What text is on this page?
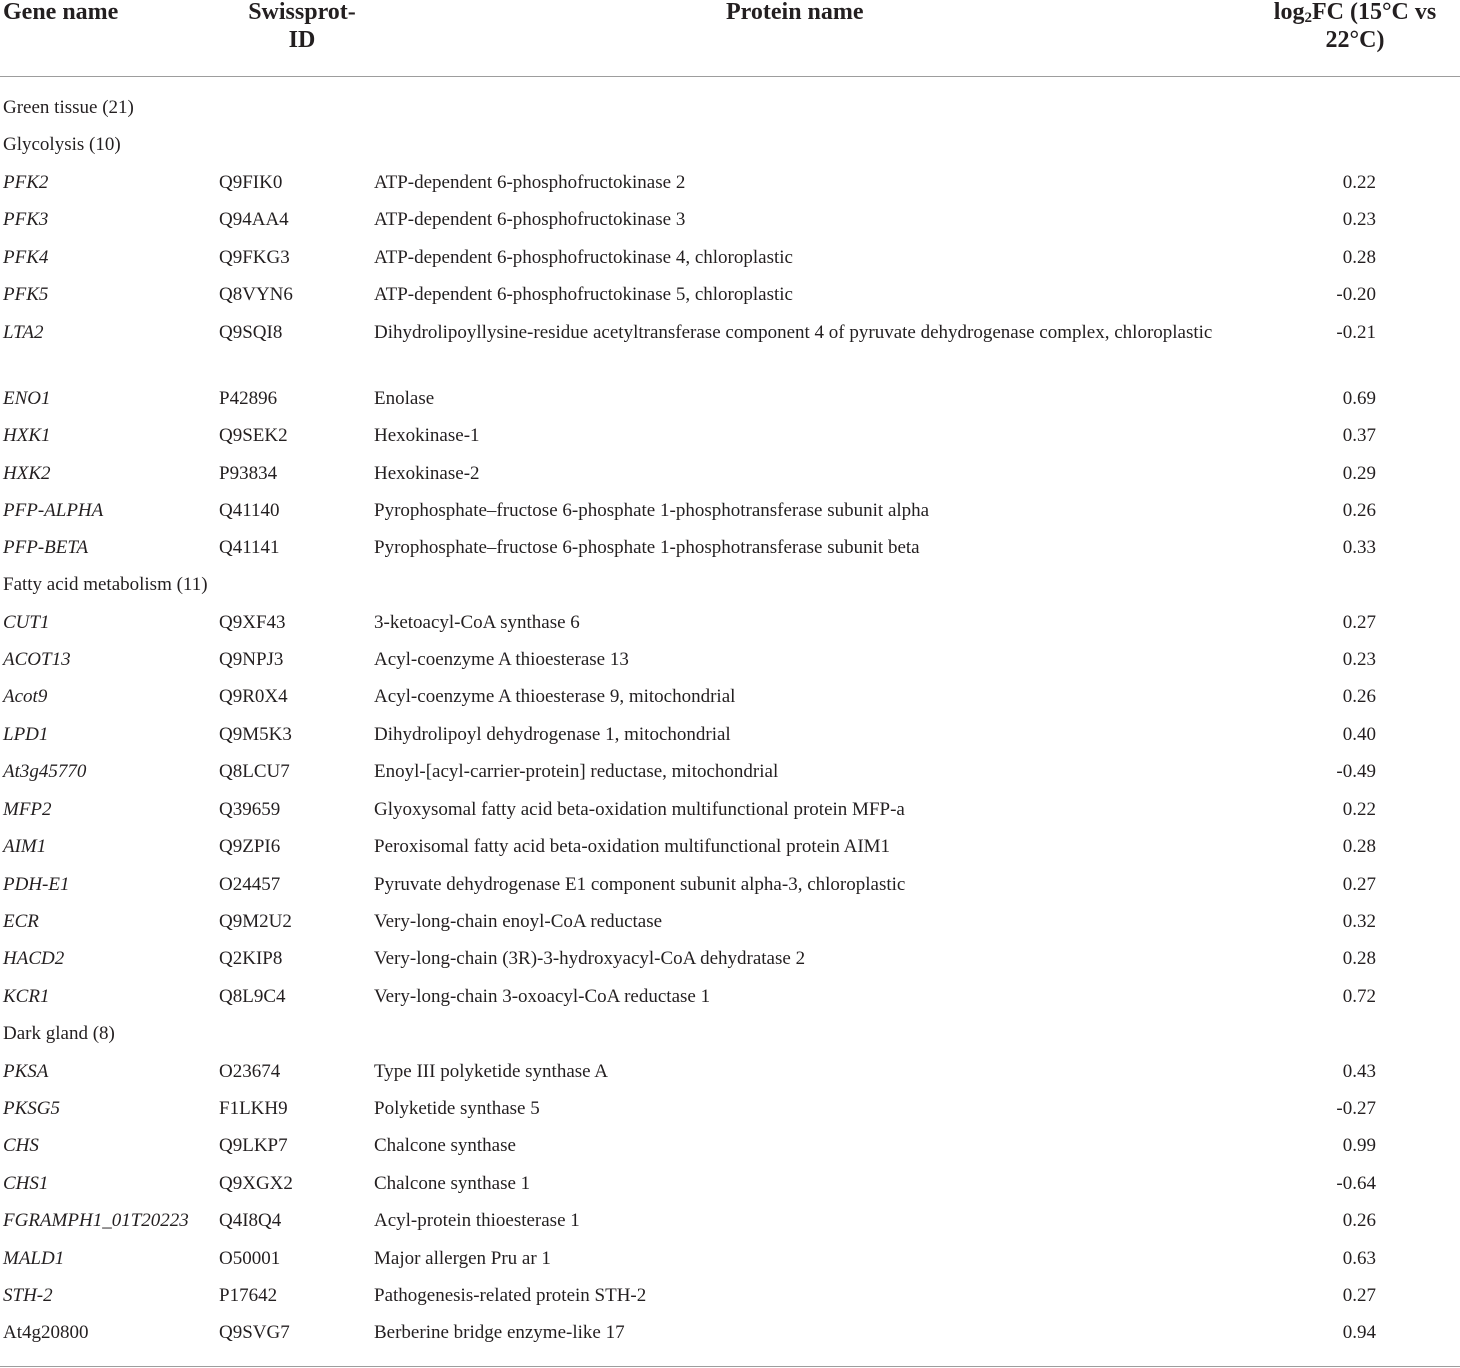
Gene name	Swissprot-
ID
Protein name	$\log_2FC$ (15°C vs
22°C)
Green tissue (21)
Glycolysis (10)
PFK2	Q9FIK0	ATP-dependent 6-phosphofructokinase 2	0.22
PFK3	Q94AA4	ATP-dependent 6-phosphofructokinase 3	0.23
PFK4	Q9FKG3	ATP-dependent 6-phosphofructokinase 4, chloroplastic	0.28
PFK5	Q8VYN6	ATP-dependent 6-phosphofructokinase 5, chloroplastic	-0.20
LTA2	Q9SQI8	Dihydrolipoyllysine-residue acetyltransferase component 4 of pyruvate dehydrogenase complex, chloroplastic	-0.21
ENO1	P42896	Enolase	0.69
HXK1	Q9SEK2	Hexokinase-1	0.37
HXK2	P93834	Hexokinase-2	0.29
PFP-ALPHA	Q41140	Pyrophosphate–fructose 6-phosphate 1-phosphotransferase subunit alpha	0.26
PFP-BETA	Q41141	Pyrophosphate–fructose 6-phosphate 1-phosphotransferase subunit beta	0.33
Fatty acid metabolism (11)
CUT1	Q9XF43	3-ketoacyl-CoA synthase 6	0.27
ACOT13	Q9NPJ3	Acyl-coenzyme A thioesterase 13	0.23
Acot9	Q9R0X4	Acyl-coenzyme A thioesterase 9, mitochondrial	0.26
LPD1	Q9M5K3	Dihydrolipoyl dehydrogenase 1, mitochondrial	0.40
At3g45770	Q8LCU7	Enoyl-[acyl-carrier-protein] reductase, mitochondrial	-0.49
MFP2	Q39659	Glyoxysomal fatty acid beta-oxidation multifunctional protein MFP-a	0.22
AIM1	Q9ZPI6	Peroxisomal fatty acid beta-oxidation multifunctional protein AIM1	0.28
PDH-E1	O24457	Pyruvate dehydrogenase E1 component subunit alpha-3, chloroplastic	0.27
ECR	Q9M2U2	Very-long-chain enoyl-CoA reductase	0.32
HACD2	Q2KIP8	Very-long-chain (3R)-3-hydroxyacyl-CoA dehydratase 2	0.28
KCR1	Q8L9C4	Very-long-chain 3-oxoacyl-CoA reductase 1	0.72
Dark gland (8)
PKSA	O23674	Type III polyketide synthase A	0.43
PKSG5	F1LKH9	Polyketide synthase 5	-0.27
CHS	Q9LKP7	Chalcone synthase	0.99
CHS1	Q9XGX2	Chalcone synthase 1	-0.64
FGRAMPH1_01T20223 Q4I8Q4	Acyl-protein thioesterase 1	0.26
MALD1	O50001	Major allergen Pru ar 1	0.63
STH-2	P17642	Pathogenesis-related protein STH-2	0.27
At4g20800	Q9SVG7	Berberine bridge enzyme-like 17	0.94
